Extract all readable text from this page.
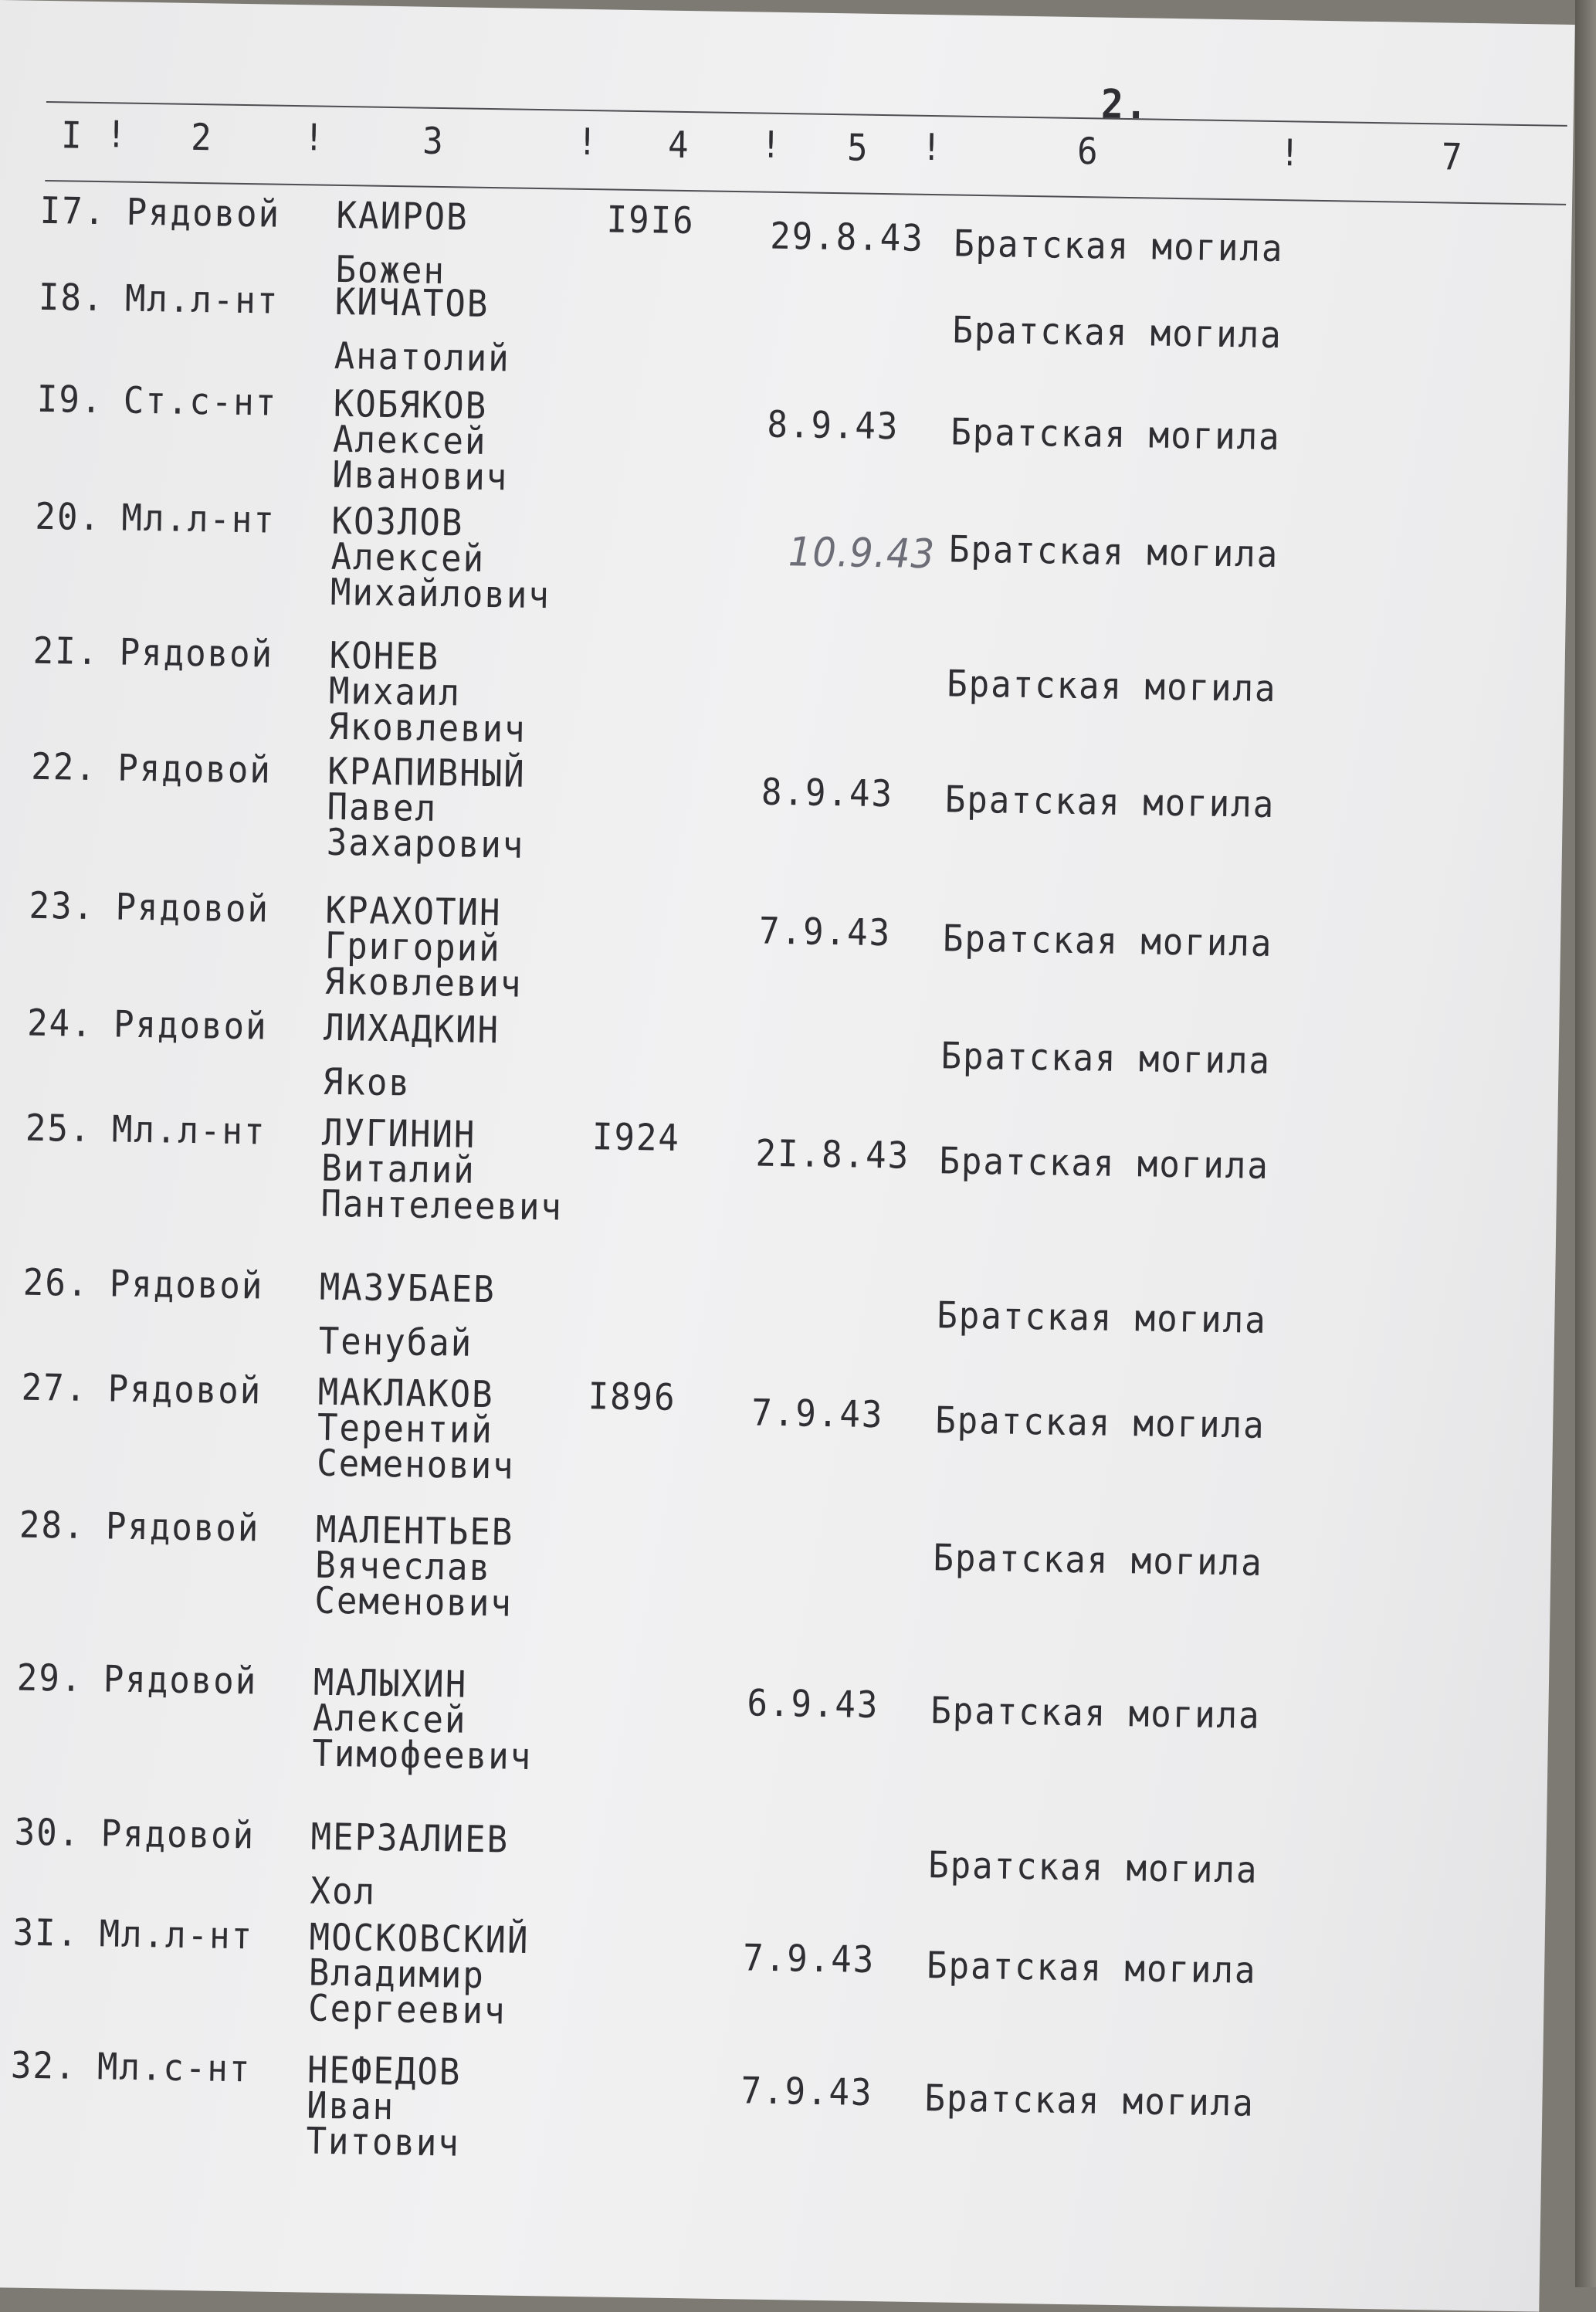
2.
I ! 2	!	3	! 4 ! 5 !	6	!	7
I7. Рядовой КАИРОВ
Божен
I9I6 29.8.43 Братская могила
I8. Мл.л-нт КИЧАТОВ
Анатолий
Братская могила
I9. Ст.с-нт КОБЯКОВ
Алексей
Иванович
8.9.43 Братская могила
20. Мл.л-нт КОЗЛОВ
Алексей
Михайлович
10.9.43 Братская могила
2I. Рядовой КОНЕВ
Михаил
Яковлевич
Братская могила
22. Рядовой КРАПИВНЫЙ
Павел
Захарович
8.9.43 Братская могила
23. Рядовой КРАХОТИН
Григорий
Яковлевич
7.9.43 Братская могила
24. Рядовой ЛИХАДКИН
Яков
Братская могила
25. Мл.л-нт ЛУГИНИН
Виталий
Пантелеевич
I924 2I.8.43 Братская могила
26. Рядовой МАЗУБАЕВ
Тенубай
Братская могила
27. Рядовой МАКЛАКОВ
Терентий
Семенович
I896 7.9.43 Братская могила
28. Рядовой МАЛЕНТЬЕВ
Вячеслав
Семенович
Братская могила
29. Рядовой МАЛЫХИН
Алексей
Тимофеевич
6.9.43 Братская могила
30. Рядовой МЕРЗАЛИЕВ
Хол	Братская могила
3I. Мл.л-нт МОСКОВСКИЙ
Владимир
Сергеевич
7.9.43 Братская могила
32. Мл.с-нт НЕФЕДОВ
Иван
Титович
7.9.43 Братская могила
